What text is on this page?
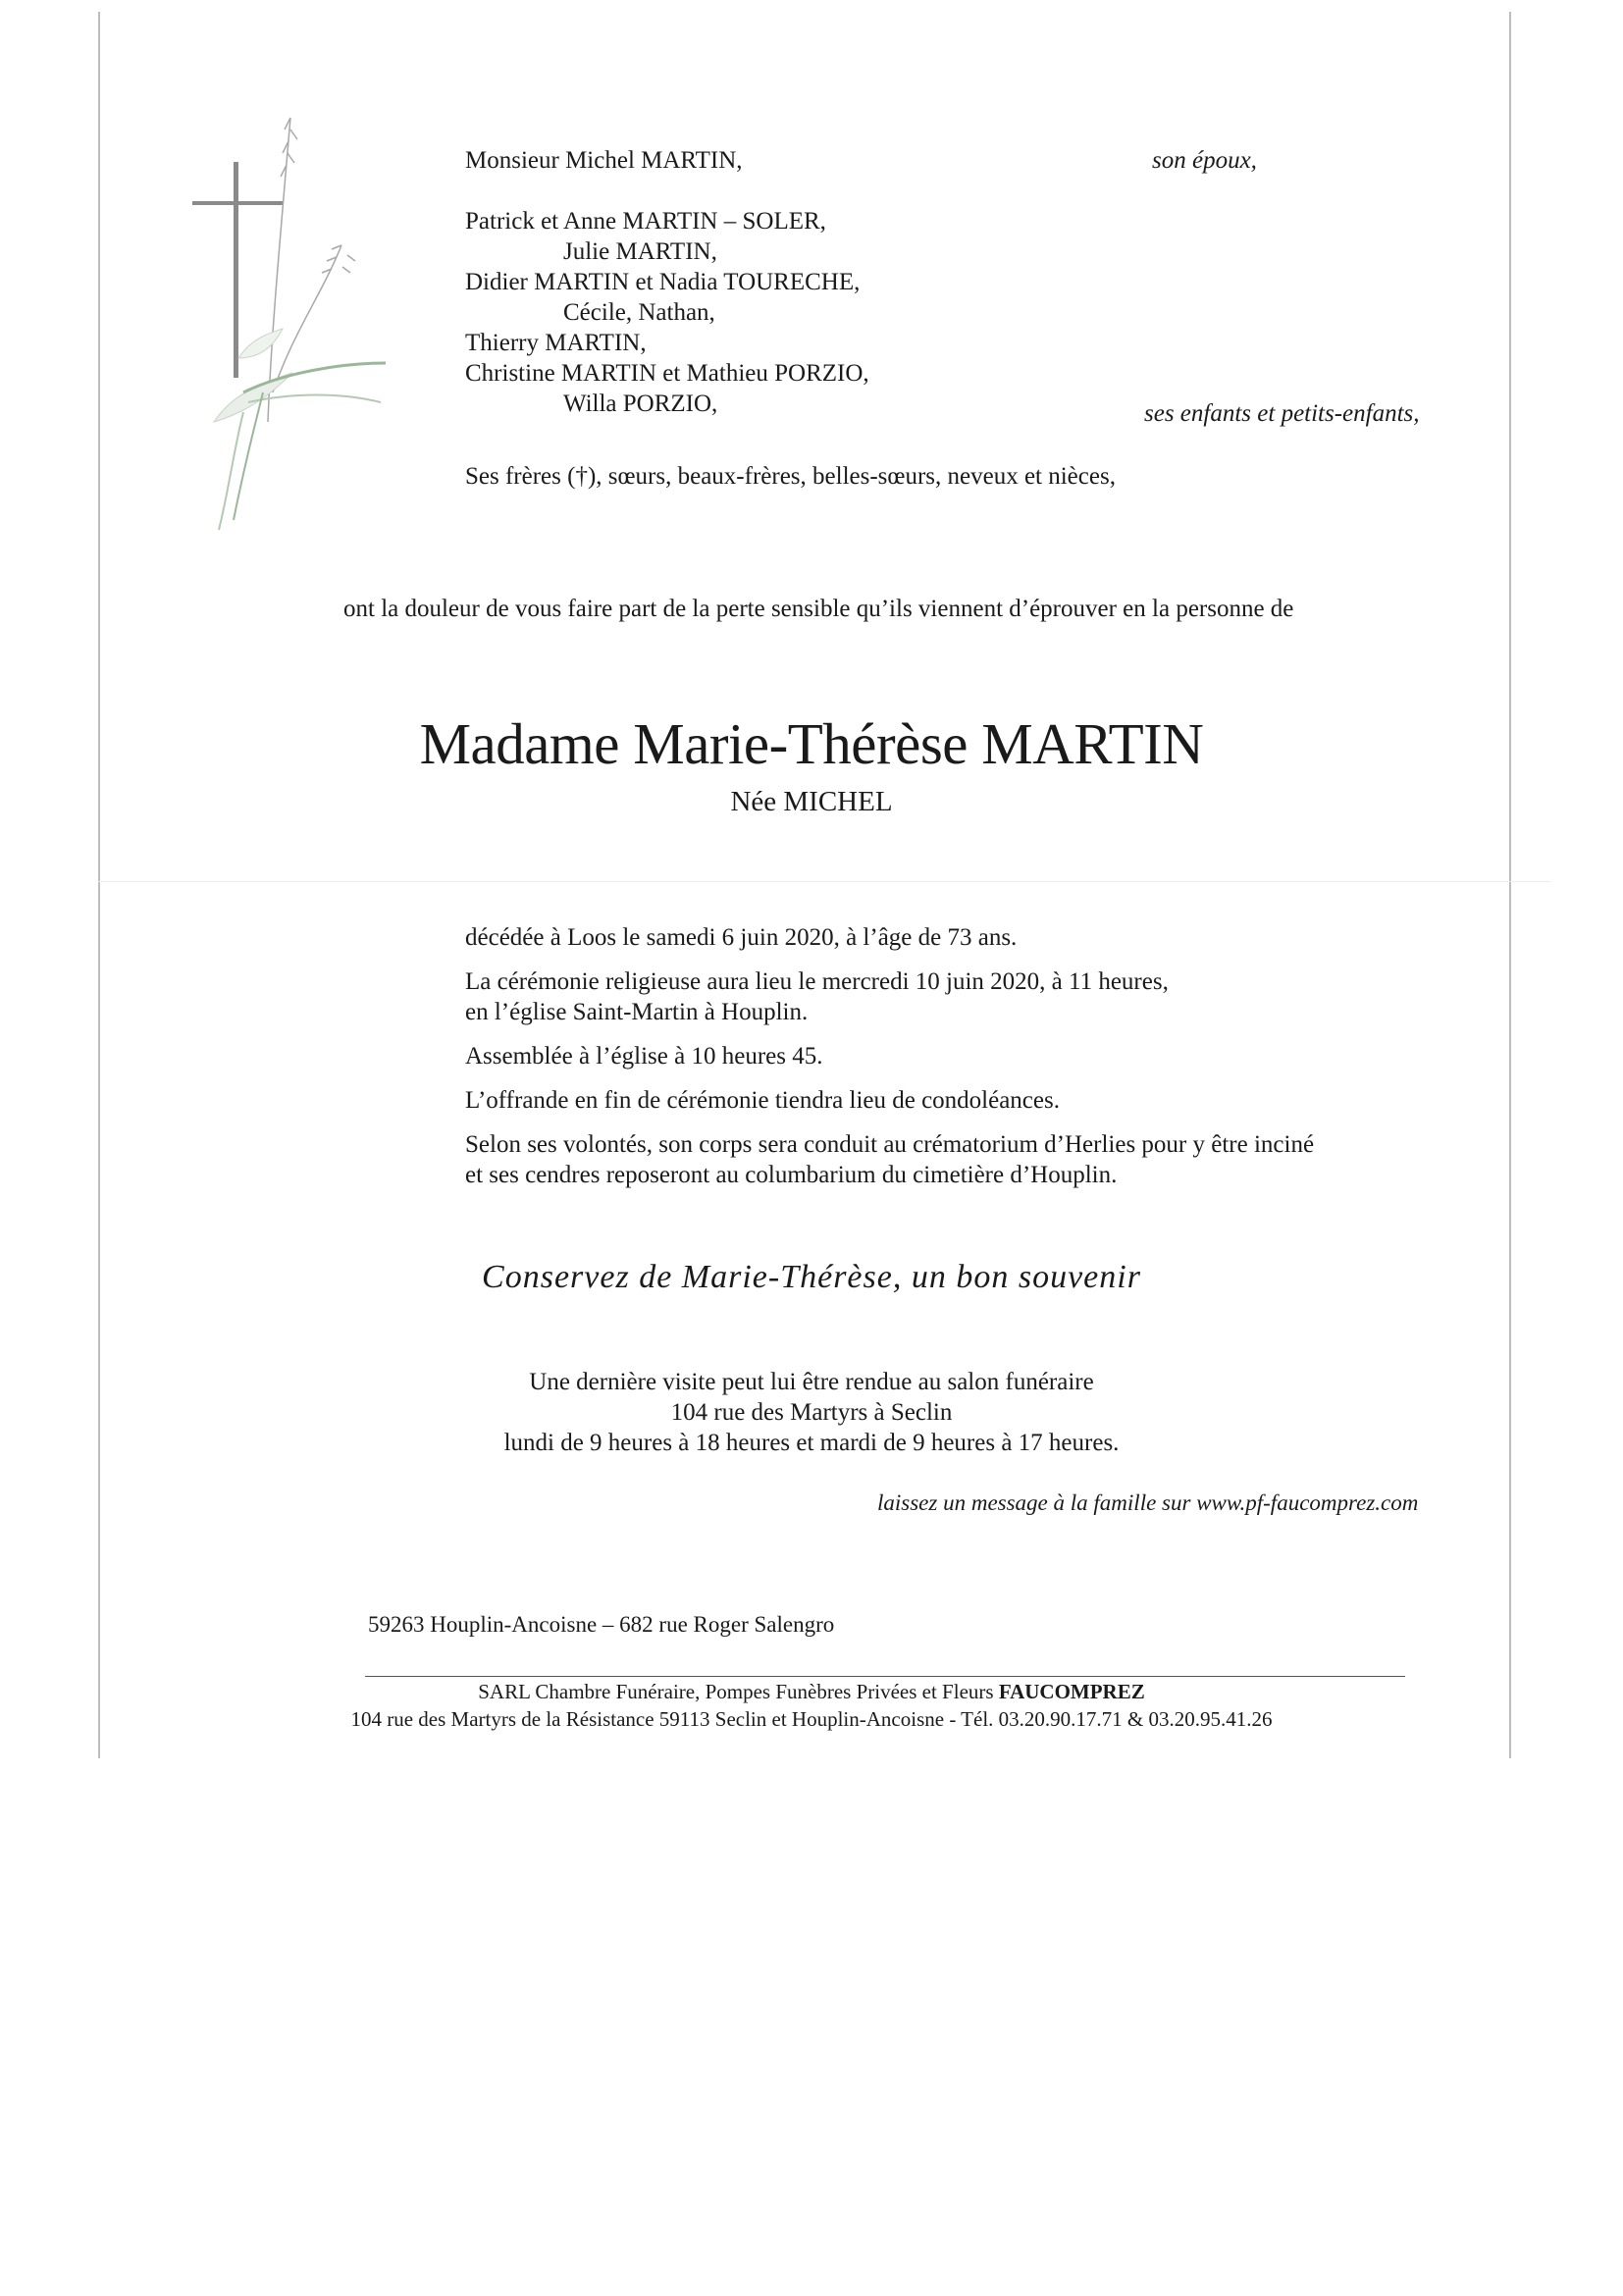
Monsieur Michel MARTIN,	son époux,
Patrick et Anne MARTIN – SOLER,
Julie MARTIN,
Didier MARTIN et Nadia TOURECHE,
Cécile, Nathan,
Thierry MARTIN,
Christine MARTIN et Mathieu PORZIO,
Willa PORZIO,	ses enfants et petits-enfants,
Ses frères (†), sœurs, beaux-frères, belles-sœurs, neveux et nièces,
ont la douleur de vous faire part de la perte sensible qu’ils viennent d’éprouver en la personne de
Madame Marie-Thérèse MARTIN
Née MICHEL
décédée à Loos le samedi 6 juin 2020, à l’âge de 73 ans.
La cérémonie religieuse aura lieu le mercredi 10 juin 2020, à 11 heures,
en l’église Saint-Martin à Houplin.
Assemblée à l’église à 10 heures 45.
L’offrande en fin de cérémonie tiendra lieu de condoléances.
Selon ses volontés, son corps sera conduit au crématorium d’Herlies pour y être inciné
et ses cendres reposeront au columbarium du cimetière d’Houplin.
Conservez de Marie-Thérèse, un bon souvenir
Une dernière visite peut lui être rendue au salon funéraire
104 rue des Martyrs à Seclin
lundi de 9 heures à 18 heures et mardi de 9 heures à 17 heures.
laissez un message à la famille sur www.pf-faucomprez.com
59263 Houplin-Ancoisne – 682 rue Roger Salengro
SARL Chambre Funéraire, Pompes Funèbres Privées et Fleurs FAUCOMPREZ
104 rue des Martyrs de la Résistance 59113 Seclin et Houplin-Ancoisne - Tél. 03.20.90.17.71 & 03.20.95.41.26
